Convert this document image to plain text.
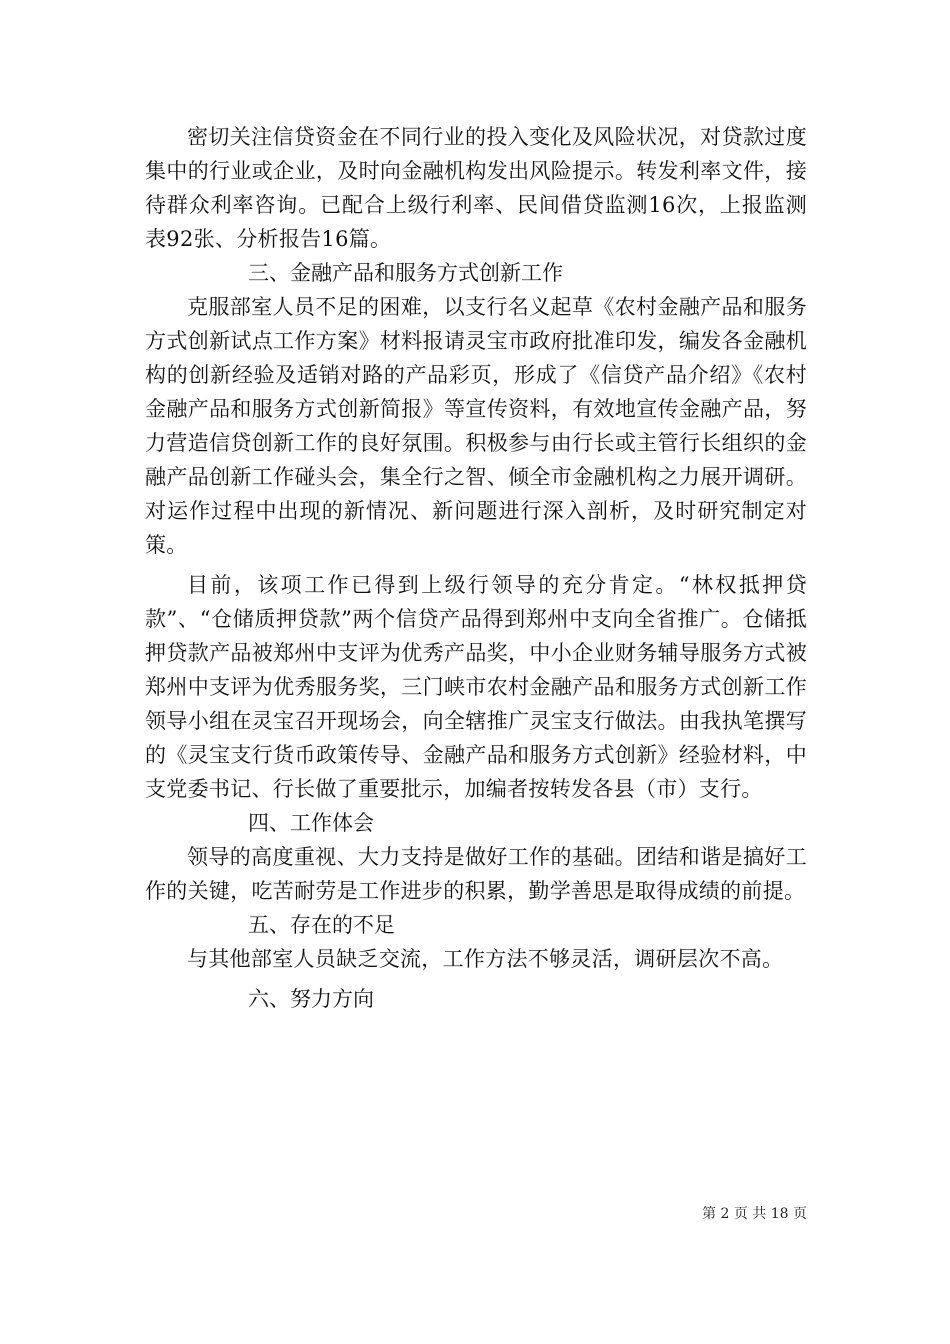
密切关注信贷资金在不同行业的投入变化及风险状况，对贷款过度集中的行业或企业，及时向金融机构发出风险提示。转发利率文件，接待群众利率咨询。已配合上级行利率、民间借贷监测16次，上报监测表92张、分析报告16篇。

三、金融产品和服务方式创新工作

克服部室人员不足的困难，以支行名义起草《农村金融产品和服务方式创新试点工作方案》材料报请灵宝市政府批准印发，编发各金融机构的创新经验及适销对路的产品彩页，形成了《信贷产品介绍》《农村金融产品和服务方式创新简报》等宣传资料，有效地宣传金融产品，努力营造信贷创新工作的良好氛围。积极参与由行长或主管行长组织的金融产品创新工作碰头会，集全行之智、倾全市金融机构之力展开调研。对运作过程中出现的新情况、新问题进行深入剖析，及时研究制定对策。

目前，该项工作已得到上级行领导的充分肯定。“林权抵押贷款”、“仓储质押贷款”两个信贷产品得到郑州中支向全省推广。仓储抵押贷款产品被郑州中支评为优秀产品奖，中小企业财务辅导服务方式被郑州中支评为优秀服务奖，三门峡市农村金融产品和服务方式创新工作领导小组在灵宝召开现场会，向全辖推广灵宝支行做法。由我执笔撰写的《灵宝支行货币政策传导、金融产品和服务方式创新》经验材料，中支党委书记、行长做了重要批示，加编者按转发各县（市）支行。

四、工作体会

领导的高度重视、大力支持是做好工作的基础。团结和谐是搞好工作的关键，吃苦耐劳是工作进步的积累，勤学善思是取得成绩的前提。

五、存在的不足

与其他部室人员缺乏交流，工作方法不够灵活，调研层次不高。

六、努力方向

第 2 页 共 18 页
